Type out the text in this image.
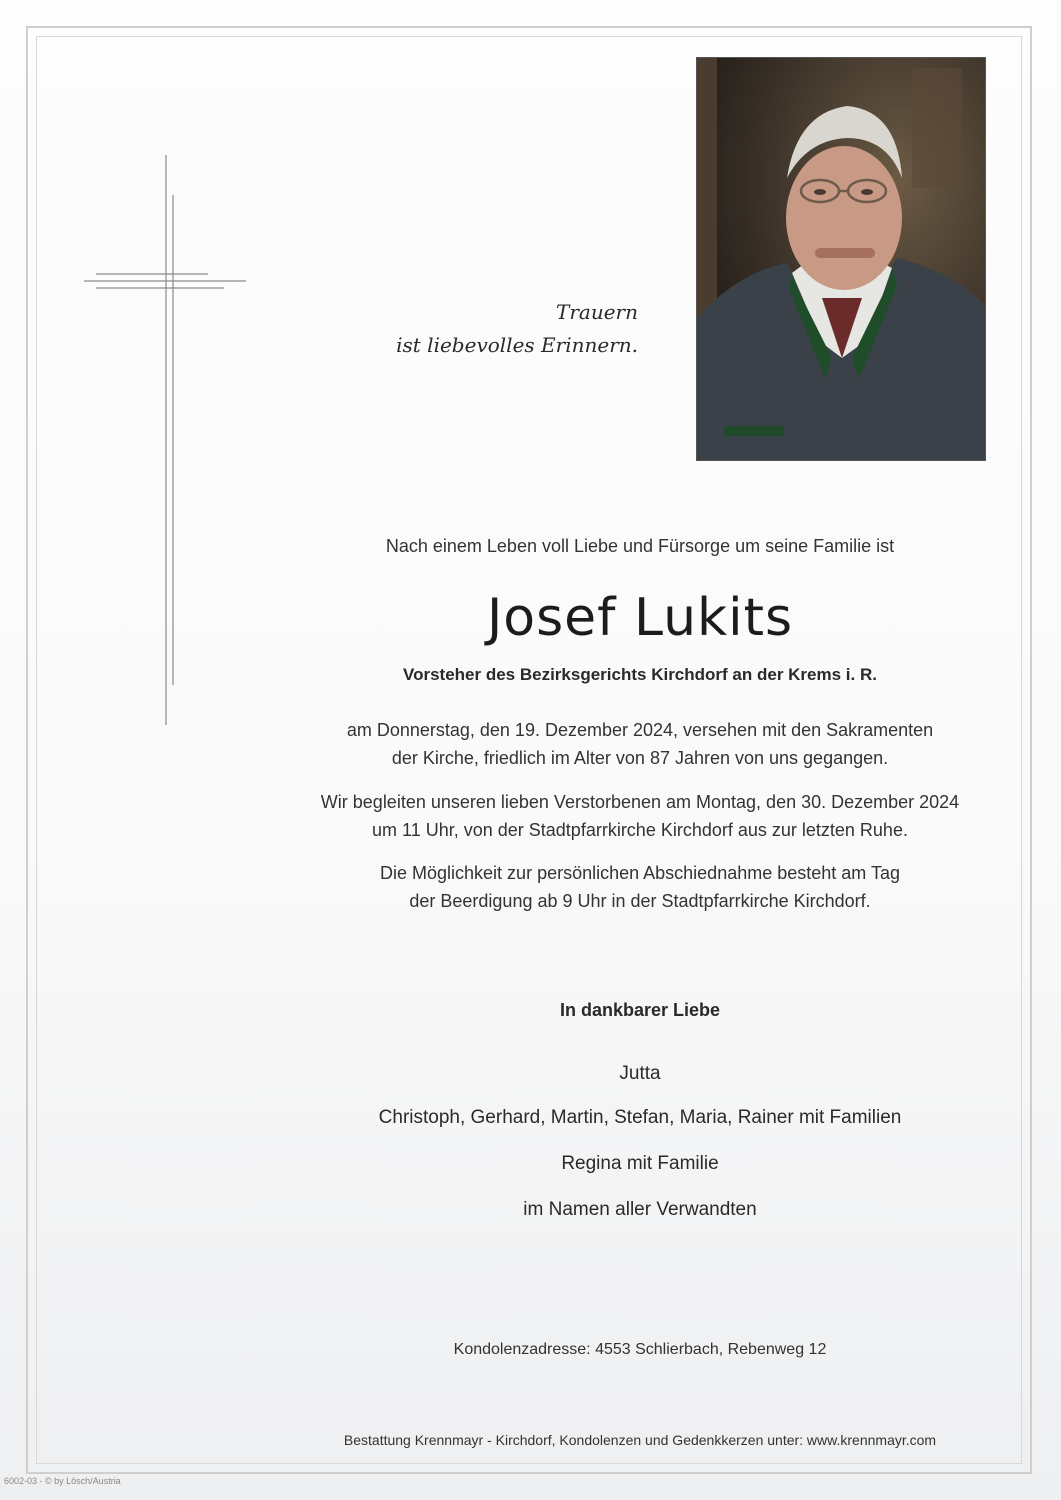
Trauern
ist liebevolles Erinnern.
Nach einem Leben voll Liebe und Fürsorge um seine Familie ist
Josef Lukits
Vorsteher des Bezirksgerichts Kirchdorf an der Krems i. R.
am Donnerstag, den 19. Dezember 2024, versehen mit den Sakramenten
der Kirche, friedlich im Alter von 87 Jahren von uns gegangen.
Wir begleiten unseren lieben Verstorbenen am Montag, den 30. Dezember 2024
um 11 Uhr, von der Stadtpfarrkirche Kirchdorf aus zur letzten Ruhe.
Die Möglichkeit zur persönlichen Abschiednahme besteht am Tag
der Beerdigung ab 9 Uhr in der Stadtpfarrkirche Kirchdorf.
In dankbarer Liebe
Jutta
Christoph, Gerhard, Martin, Stefan, Maria, Rainer mit Familien
Regina mit Familie
im Namen aller Verwandten
Kondolenzadresse: 4553 Schlierbach, Rebenweg 12
Bestattung Krennmayr - Kirchdorf, Kondolenzen und Gedenkkerzen unter: www.krennmayr.com
6002-03 - © by Lösch/Austria
